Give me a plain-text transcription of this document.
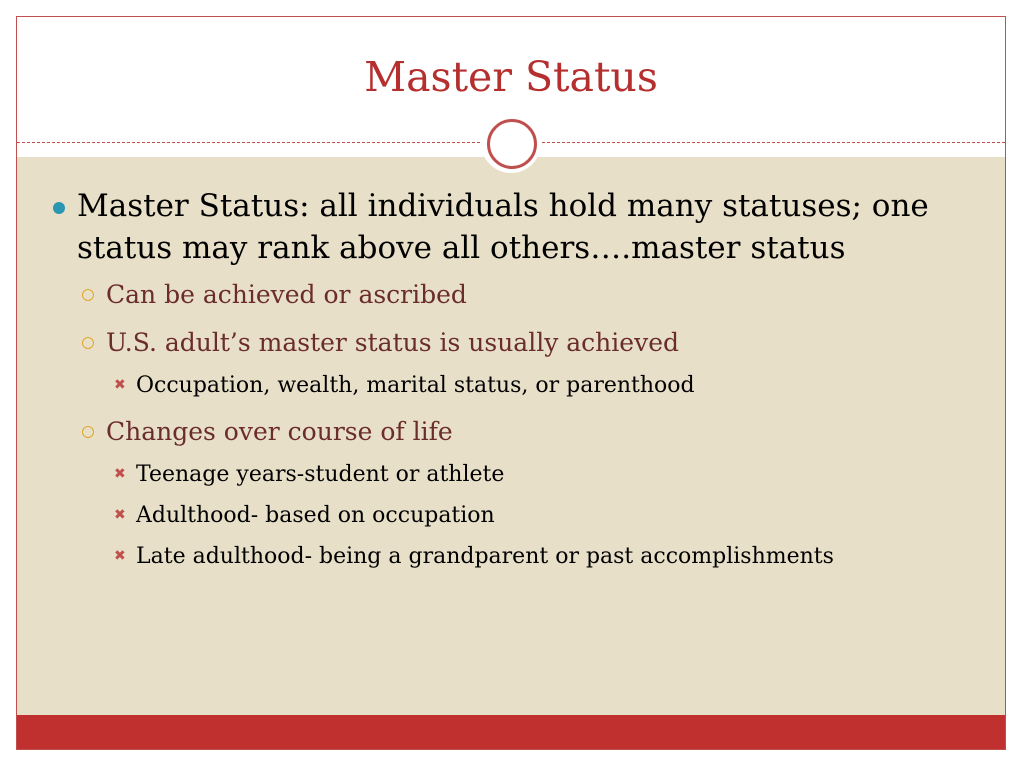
Master Status
Master Status: all individuals hold many statuses; one status may rank above all others….master status
Can be achieved or ascribed
U.S. adult’s master status is usually achieved
✖ Occupation, wealth, marital status, or parenthood
Changes over course of life
✖ Teenage years-student or athlete
✖ Adulthood- based on occupation
✖ Late adulthood- being a grandparent or past accomplishments
